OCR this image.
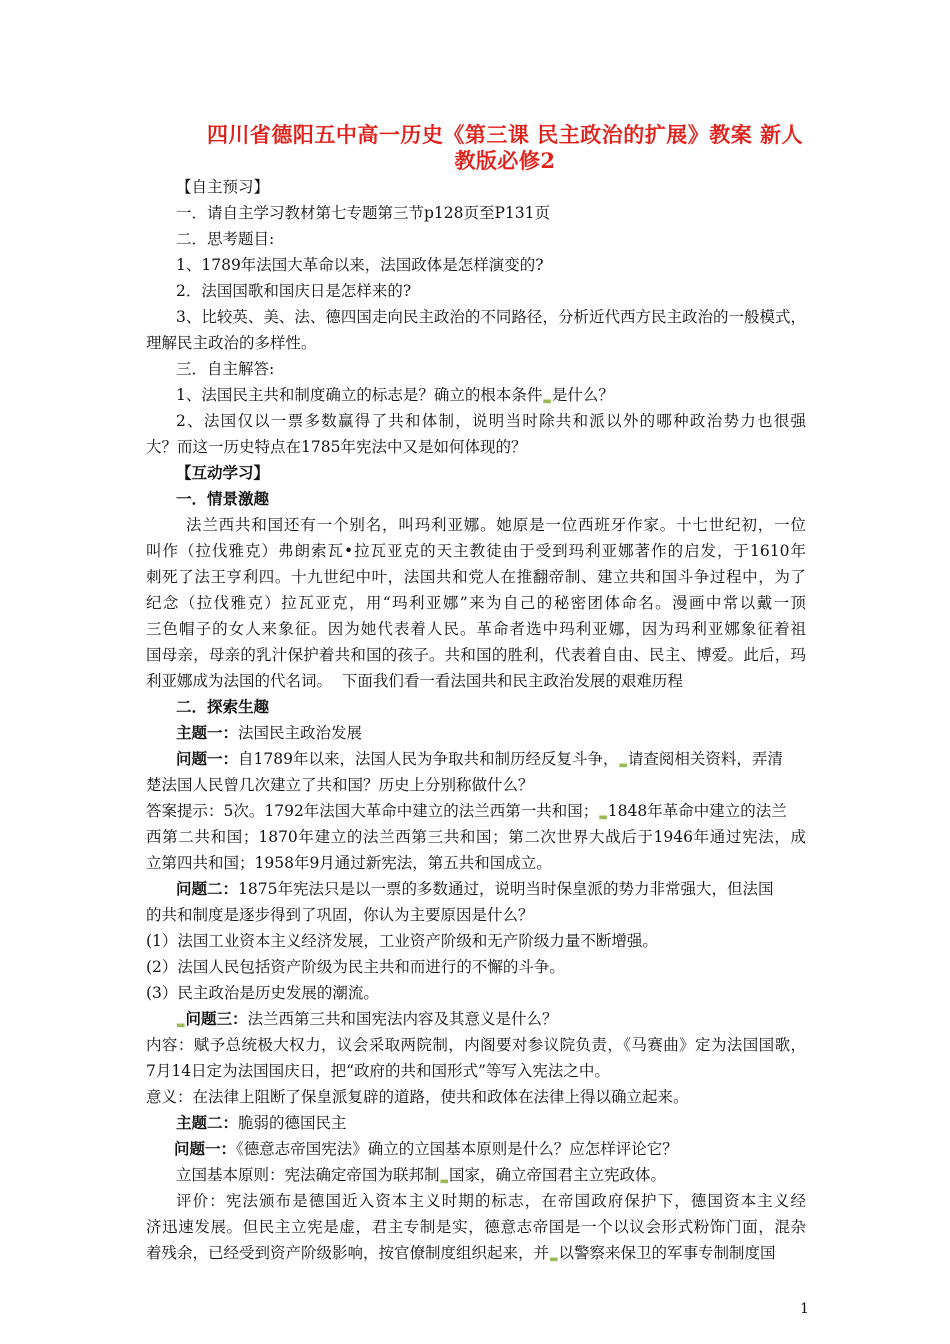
四川省德阳五中高一历史《第三课 民主政治的扩展》教案 新人
教版必修2
【自主预习】
一．请自主学习教材第七专题第三节p128页至P131页
二．思考题目:
1、1789年法国大革命以来，法国政体是怎样演变的?
2．法国国歌和国庆日是怎样来的?
3、比较英、美、法、德四国走向民主政治的不同路径，分析近代西方民主政治的一般模式，
理解民主政治的多样性。
三．自主解答:
1、法国民主共和制度确立的标志是？确立的根本条件$_▬$是什么？
2、法国仅以一票多数赢得了共和体制，说明当时除共和派以外的哪种政治势力也很强
大？而这一历史特点在1785年宪法中又是如何体现的？
【互动学习】
一．情景激趣
法兰西共和国还有一个别名，叫玛利亚娜。她原是一位西班牙作家。十七世纪初，一位
叫作（拉伐雅克）弗朗索瓦•拉瓦亚克的天主教徒由于受到玛利亚娜著作的启发，于1610年
刺死了法王亨利四。十九世纪中叶，法国共和党人在推翻帝制、建立共和国斗争过程中，为了
纪念（拉伐雅克）拉瓦亚克，用“玛利亚娜”来为自己的秘密团体命名。漫画中常以戴一顶
三色帽子的女人来象征。因为她代表着人民。革命者选中玛利亚娜，因为玛利亚娜象征着祖
国母亲，母亲的乳汁保护着共和国的孩子。共和国的胜利，代表着自由、民主、博爱。此后，玛
利亚娜成为法国的代名词。  下面我们看一看法国共和民主政治发展的艰难历程
二．探索生趣
主题一：法国民主政治发展
问题一：自1789年以来，法国人民为争取共和制历经反复斗争，$_▬$请查阅相关资料，弄清
楚法国人民曾几次建立了共和国？历史上分别称做什么？
答案提示：5次。1792年法国大革命中建立的法兰西第一共和国；$_▬$1848年革命中建立的法兰
西第二共和国；1870年建立的法兰西第三共和国；第二次世界大战后于1946年通过宪法，成
立第四共和国；1958年9月通过新宪法，第五共和国成立。
问题二：1875年宪法只是以一票的多数通过，说明当时保皇派的势力非常强大，但法国
的共和制度是逐步得到了巩固，你认为主要原因是什么？
(1）法国工业资本主义经济发展，工业资产阶级和无产阶级力量不断增强。
(2）法国人民包括资产阶级为民主共和而进行的不懈的斗争。
(3）民主政治是历史发展的潮流。
$_▬$问题三：法兰西第三共和国宪法内容及其意义是什么？
内容：赋予总统极大权力，议会采取两院制，内阁要对参议院负责，《马赛曲》定为法国国歌，
7月14日定为法国国庆日，把“政府的共和国形式”等写入宪法之中。
意义：在法律上阻断了保皇派复辟的道路，使共和政体在法律上得以确立起来。
主题二：脆弱的德国民主
问题一：《德意志帝国宪法》确立的立国基本原则是什么？应怎样评论它？
立国基本原则：宪法确定帝国为联邦制$_▬$国家，确立帝国君主立宪政体。
评价：宪法颁布是德国近入资本主义时期的标志，在帝国政府保护下，德国资本主义经
济迅速发展。但民主立宪是虚，君主专制是实，德意志帝国是一个以议会形式粉饰门面，混杂
着残余，已经受到资产阶级影响，按官僚制度组织起来，并$_▬$以警察来保卫的军事专制制度国
1
